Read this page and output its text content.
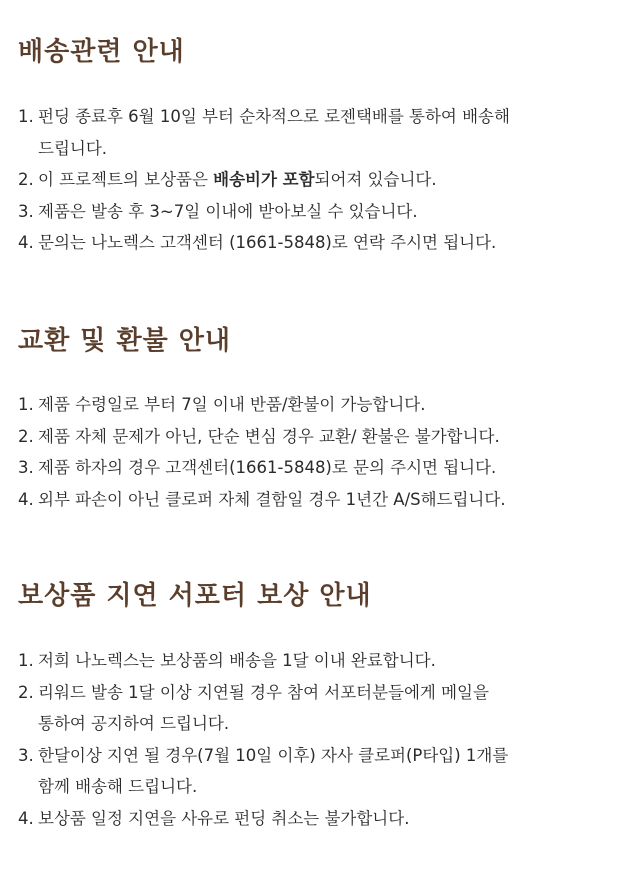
배송관련 안내
1. 펀딩 종료후 6월 10일 부터 순차적으로 로젠택배를 통하여 배송해
드립니다.
2. 이 프로젝트의 보상품은 배송비가 포함되어져 있습니다.
3. 제품은 발송 후 3~7일 이내에 받아보실 수 있습니다.
4. 문의는 나노렉스 고객센터 (1661-5848)로 연락 주시면 됩니다.
교환 및 환불 안내
1. 제품 수령일로 부터 7일 이내 반품/환불이 가능합니다.
2. 제품 자체 문제가 아닌, 단순 변심 경우 교환/ 환불은 불가합니다.
3. 제품 하자의 경우 고객센터(1661-5848)로 문의 주시면 됩니다.
4. 외부 파손이 아닌 클로퍼 자체 결함일 경우 1년간 A/S해드립니다.
보상품 지연 서포터 보상 안내
1. 저희 나노렉스는 보상품의 배송을 1달 이내 완료합니다.
2. 리워드 발송 1달 이상 지연될 경우 참여 서포터분들에게 메일을
통하여 공지하여 드립니다.
3. 한달이상 지연 될 경우(7월 10일 이후) 자사 클로퍼(P타입) 1개를
함께 배송해 드립니다.
4. 보상품 일정 지연을 사유로 펀딩 취소는 불가합니다.
